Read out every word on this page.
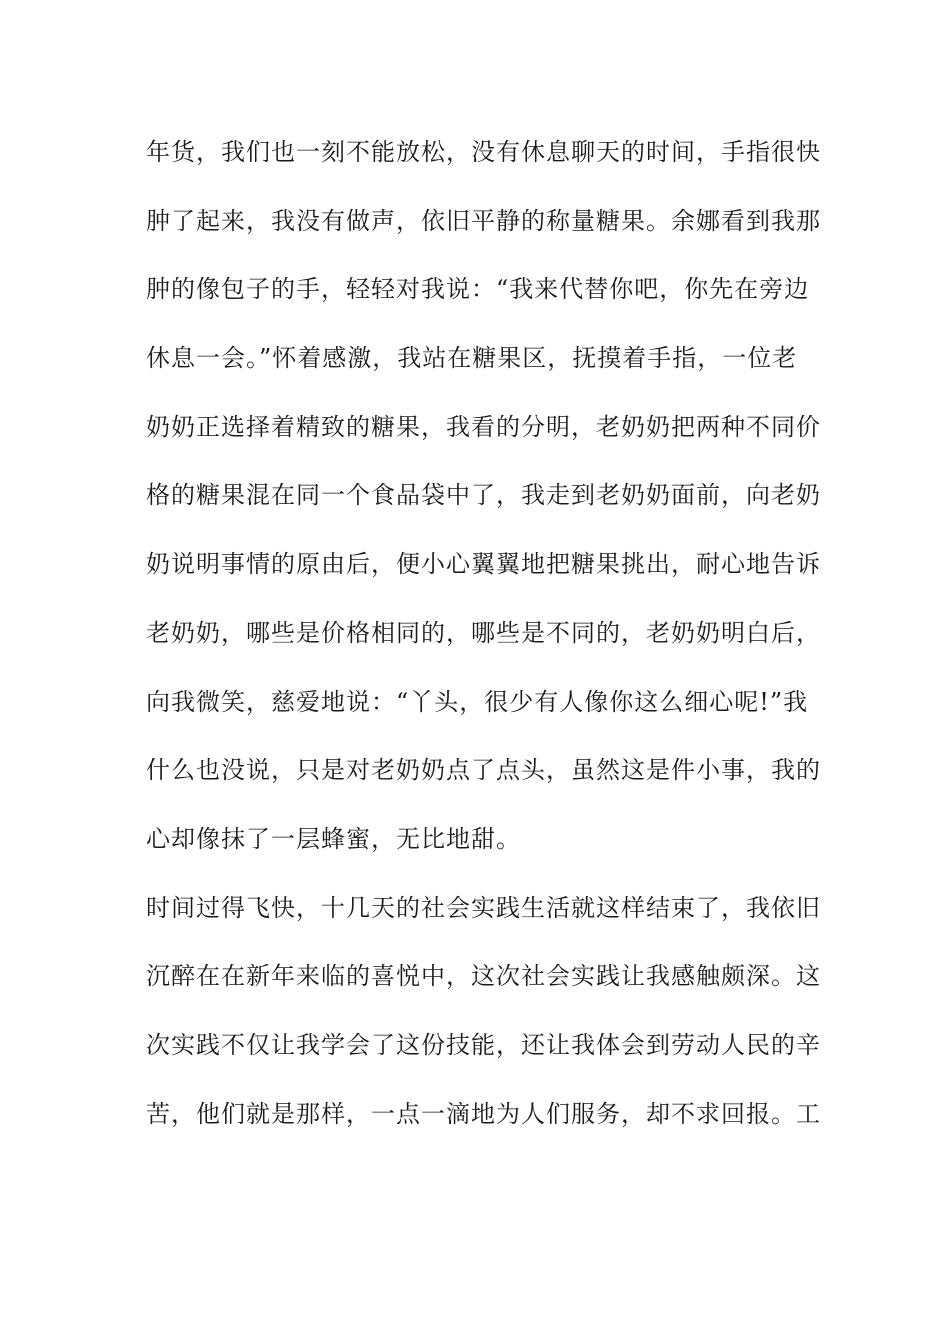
年货，我们也一刻不能放松，没有休息聊天的时间，手指很快
肿了起来，我没有做声，依旧平静的称量糖果。余娜看到我那
肿的像包子的手，轻轻对我说：“我来代替你吧，你先在旁边
休息一会。”怀着感激，我站在糖果区，抚摸着手指，一位老
奶奶正选择着精致的糖果，我看的分明，老奶奶把两种不同价
格的糖果混在同一个食品袋中了，我走到老奶奶面前，向老奶
奶说明事情的原由后，便小心翼翼地把糖果挑出，耐心地告诉
老奶奶，哪些是价格相同的，哪些是不同的，老奶奶明白后，
向我微笑，慈爱地说：“丫头，很少有人像你这么细心呢!”我
什么也没说，只是对老奶奶点了点头，虽然这是件小事，我的
心却像抹了一层蜂蜜，无比地甜。
时间过得飞快，十几天的社会实践生活就这样结束了，我依旧
沉醉在在新年来临的喜悦中，这次社会实践让我感触颇深。这
次实践不仅让我学会了这份技能，还让我体会到劳动人民的辛
苦，他们就是那样，一点一滴地为人们服务，却不求回报。工
